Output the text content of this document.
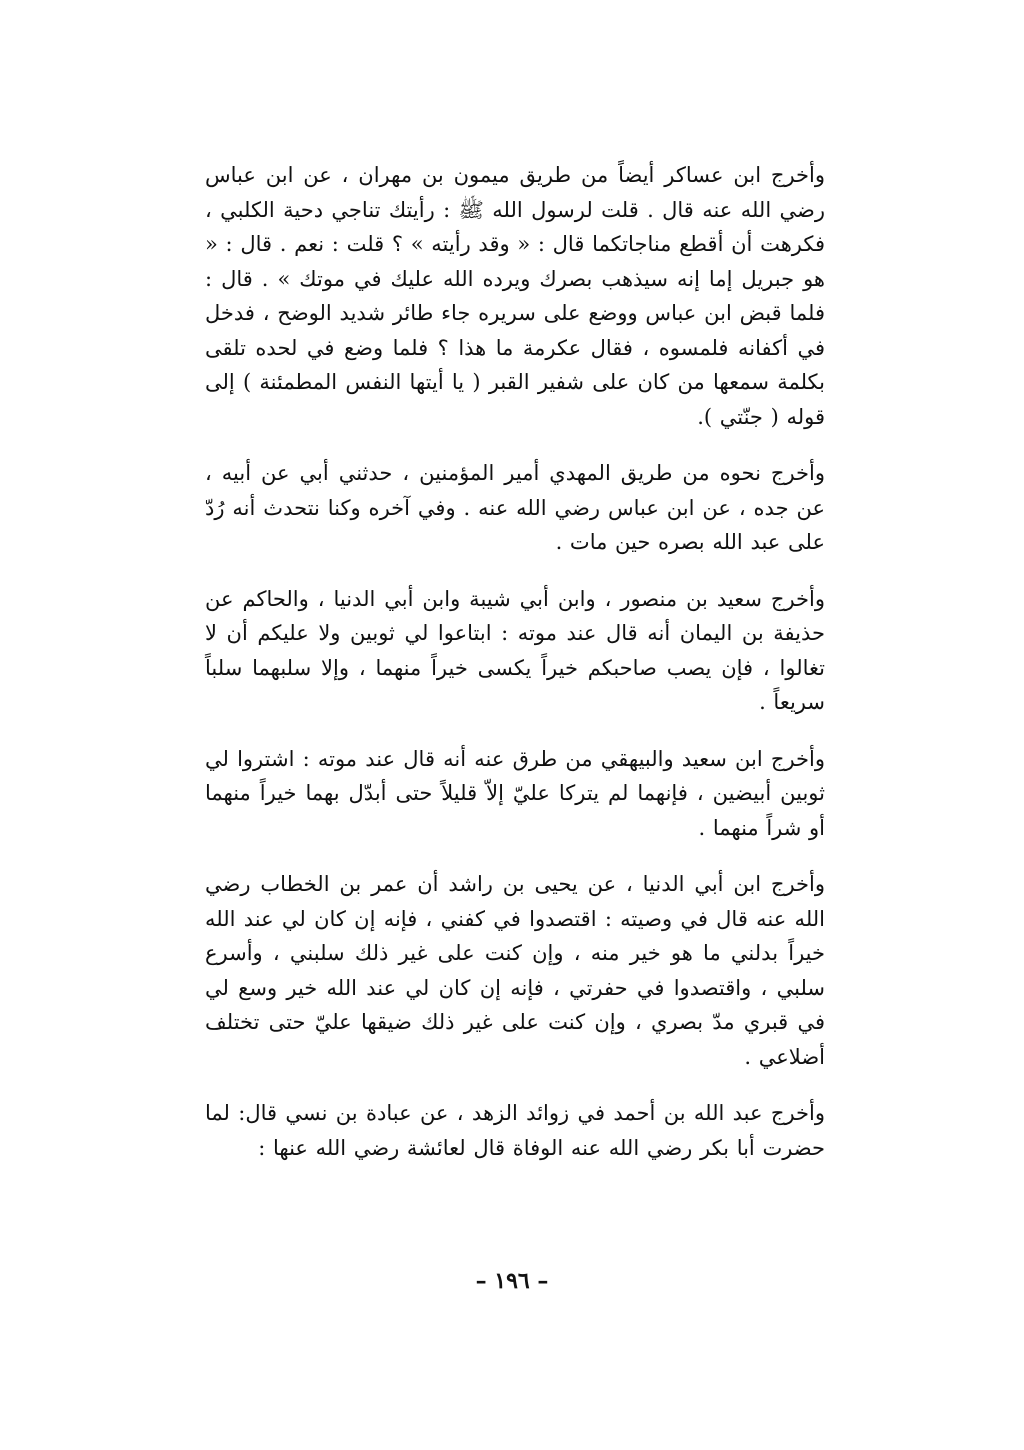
وأخرج ابن عساكر أيضاً من طريق ميمون بن مهران ، عن ابن عباس رضي الله عنه قال . قلت لرسول الله ﷺ : رأيتك تناجي دحية الكلبي ، فكرهت أن أقطع مناجاتكما قال : « وقد رأيته » ؟ قلت : نعم . قال : « هو جبريل إما إنه سيذهب بصرك ويرده الله عليك في موتك » . قال : فلما قبض ابن عباس ووضع على سريره جاء طائر شديد الوضح ، فدخل في أكفانه فلمسوه ، فقال عكرمة ما هذا ؟ فلما وضع في لحده تلقى بكلمة سمعها من كان على شفير القبر ( يا أيتها النفس المطمئنة ) إلى قوله ( جنّتي ).

وأخرج نحوه من طريق المهدي أمير المؤمنين ، حدثني أبي عن أبيه ، عن جده ، عن ابن عباس رضي الله عنه . وفي آخره وكنا نتحدث أنه رُدّ على عبد الله بصره حين مات .

وأخرج سعيد بن منصور ، وابن أبي شيبة وابن أبي الدنيا ، والحاكم عن حذيفة بن اليمان أنه قال عند موته : ابتاعوا لي ثوبين ولا عليكم أن لا تغالوا ، فإن يصب صاحبكم خيراً يكسى خيراً منهما ، وإلا سلبهما سلباً سريعاً .

وأخرج ابن سعيد والبيهقي من طرق عنه أنه قال عند موته : اشتروا لي ثوبين أبيضين ، فإنهما لم يتركا عليّ إلاّ قليلاً حتى أبدّل بهما خيراً منهما أو شراً منهما .

وأخرج ابن أبي الدنيا ، عن يحيى بن راشد أن عمر بن الخطاب رضي الله عنه قال في وصيته : اقتصدوا في كفني ، فإنه إن كان لي عند الله خيراً بدلني ما هو خير منه ، وإن كنت على غير ذلك سلبني ، وأسرع سلبي ، واقتصدوا في حفرتي ، فإنه إن كان لي عند الله خير وسع لي في قبري مدّ بصري ، وإن كنت على غير ذلك ضيقها عليّ حتى تختلف أضلاعي .

وأخرج عبد الله بن أحمد في زوائد الزهد ، عن عبادة بن نسي قال: لما حضرت أبا بكر رضي الله عنه الوفاة قال لعائشة رضي الله عنها :

– ١٩٦ –
